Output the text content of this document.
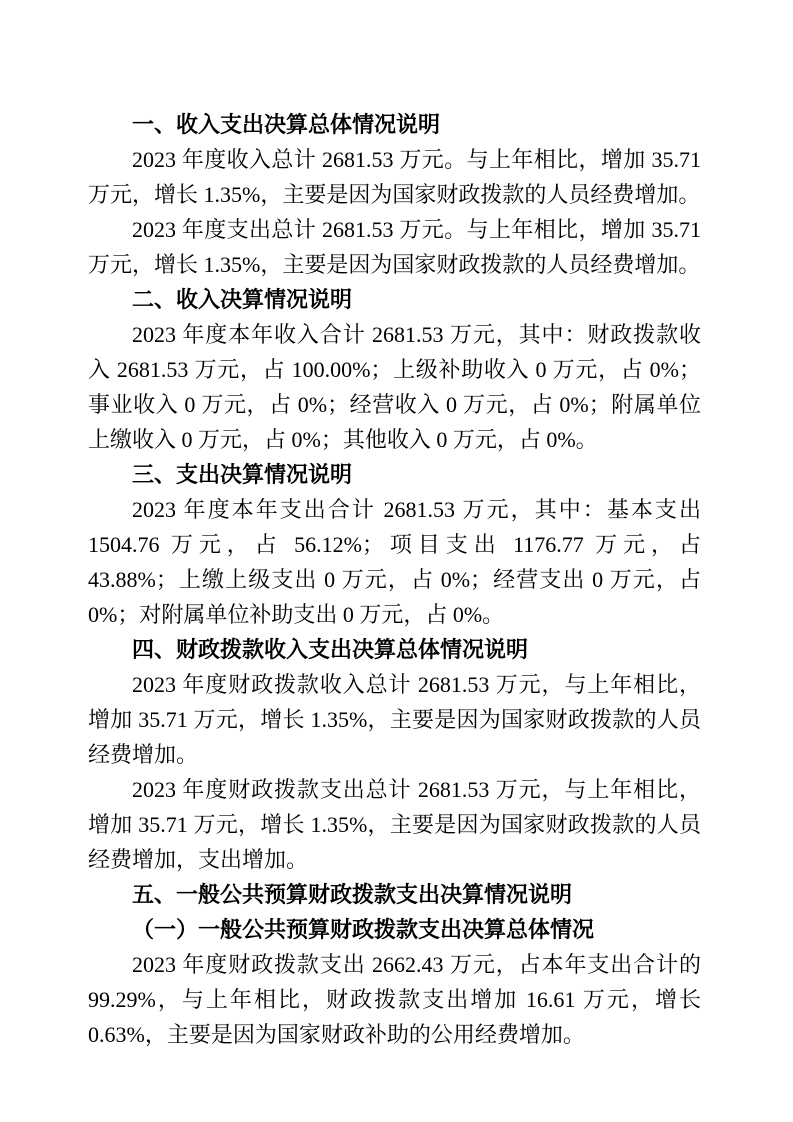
一、收入支出决算总体情况说明

2023 年度收入总计 2681.53 万元。与上年相比，增加 35.71 万元，增长 1.35%，主要是因为国家财政拨款的人员经费增加。

2023 年度支出总计 2681.53 万元。与上年相比，增加 35.71 万元，增长 1.35%，主要是因为国家财政拨款的人员经费增加。

二、收入决算情况说明

2023 年度本年收入合计 2681.53 万元，其中：财政拨款收入 2681.53 万元，占 100.00%；上级补助收入 0 万元，占 0%；事业收入 0 万元，占 0%；经营收入 0 万元，占 0%；附属单位上缴收入 0 万元，占 0%；其他收入 0 万元，占 0%。

三、支出决算情况说明

2023 年度本年支出合计 2681.53 万元，其中：基本支出 1504.76 万元，占 56.12%；项目支出 1176.77 万元，占 43.88%；上缴上级支出 0 万元，占 0%；经营支出 0 万元，占 0%；对附属单位补助支出 0 万元，占 0%。

四、财政拨款收入支出决算总体情况说明

2023 年度财政拨款收入总计 2681.53 万元，与上年相比，增加 35.71 万元，增长 1.35%，主要是因为国家财政拨款的人员经费增加。

2023 年度财政拨款支出总计 2681.53 万元，与上年相比，增加 35.71 万元，增长 1.35%，主要是因为国家财政拨款的人员经费增加，支出增加。

五、一般公共预算财政拨款支出决算情况说明
（一）一般公共预算财政拨款支出决算总体情况

2023 年度财政拨款支出 2662.43 万元，占本年支出合计的 99.29%，与上年相比，财政拨款支出增加 16.61 万元，增长 0.63%，主要是因为国家财政补助的公用经费增加。
